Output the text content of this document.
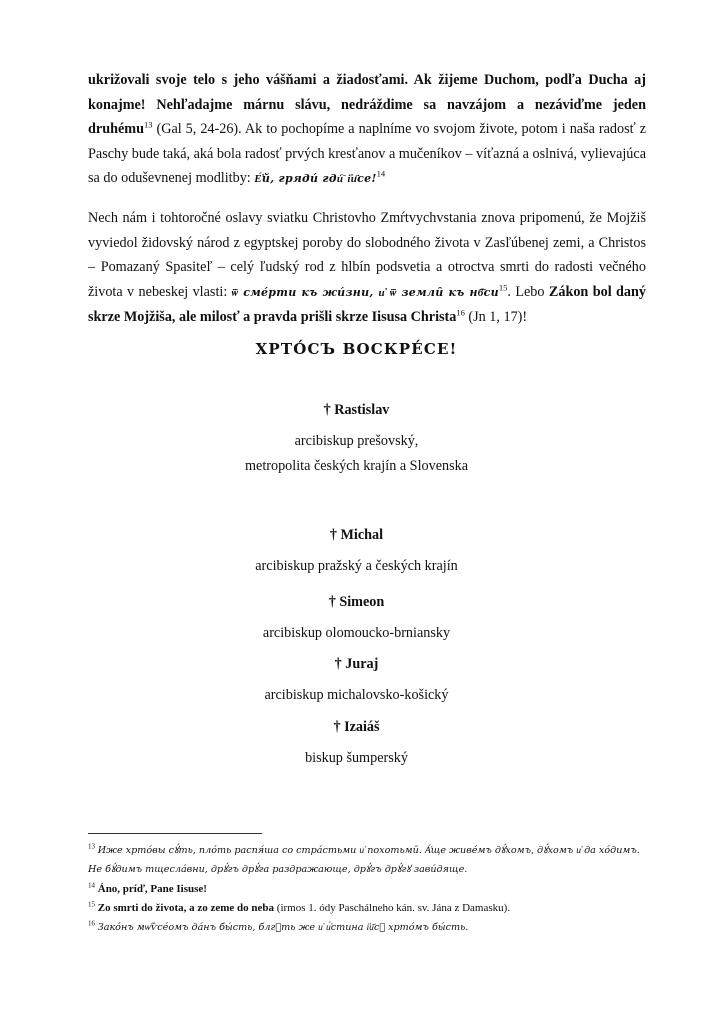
ukrižovali svoje telo s jeho vášňami a žiadosťami. Ak žijeme Duchom, podľa Ducha aj konajme! Nehľadajme márnu slávu, nedráždime sa navzájom a nezáviďme jeden druhému$^{13}$ (Gal 5, 24-26). Ak to pochopíme a naplníme vo svojom živote, potom i naša radosť z Paschy bude taká, aká bola radosť prvých kresťanov a mučeníkov – víťazná a oslnivá, vylievajúca sa do oduševnenej modlitby: Е҆́й, гряди́ гди҇ і҆и҃се!$^{14}$
Nech nám i tohtoročné oslavy sviatku Christovho Zmŕtvychvstania znova pripomenú, že Mojžiš vyviedol židovský národ z egyptskej poroby do slobodného života v Zasľúbenej zemi, a Christos – Pomazaný Spasiteľ – celý ľudský rod z hlbín podsvetia a otroctva smrti do radosti večného života v nebeskej vlasti: ѿ сме́рти къ жи́зни, и҆ ѿ земли̑ къ $нб҃си^{15}$. Lebo Zákon bol daný skrze Mojžiša, ale milosť a pravda prišli skrze Iisusa Christa$^{16}$ (Jn 1, 17)!
ХРТО́СЪ ВОСКРЕ́СЕ!
† Rastislav
arcibiskup prešovský,
metropolita českých krajín a Slovenska
† Michal
arcibiskup pražský a českých krajín
† Simeon
arcibiskup olomoucko-brniansky
† Juraj
arcibiskup michalovsko-košický
† Izaiáš
biskup šumperský
$^{13}$ Иже хрто́вы сꙋ́ть, пло́ть распя́ша со стра́стьми и҆ похотьми̑. А҆́ще живе́мъ дꙋ́хомъ, дꙋ́хомъ и҆ да хо́димъ. Не бꙋ́димъ тщесла́вни, дрꙋ́гъ дрꙋ́га раздражающе, дрꙋ́гъ дрꙋ́гꙋ зави́дяще.
$^{14}$ Áno, príď, Pane Iisuse!
$^{15}$ Zo smrti do života, a zo zeme do neba (irmos 1. ódy Paschálneho kán. sv. Jána z Damasku).
$^{16}$ Зако́нъ мѡ҆ѷсе́омъ да́нъ бы́сть, блгⷣть же и҆ и҆́стина і҆и҃сꙋ хрто́мъ бы́сть.
